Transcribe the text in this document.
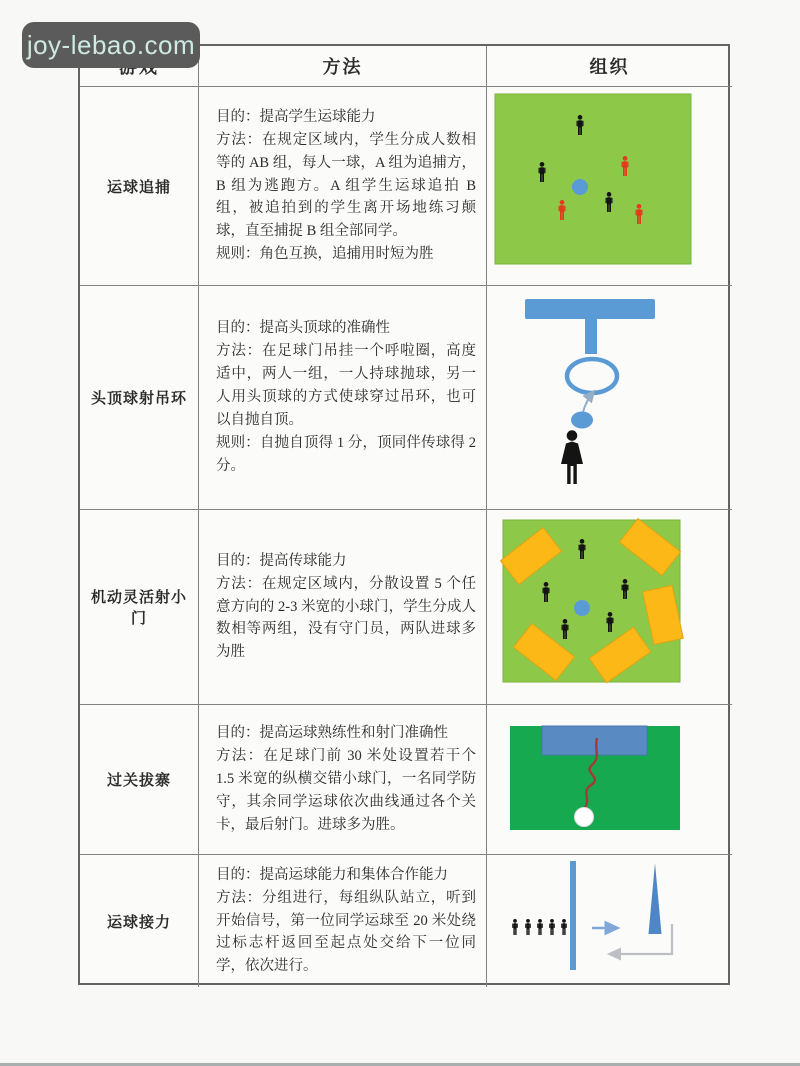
joy-lebao.com
方法	组织
运球追捕

目的：提高学生运球能力

方法：在规定区域内，学生分成人数相等的 AB 组，每人一球，A 组为追捕方，B 组为逃跑方。A 组学生运球追拍 B 组，被追拍到的学生离开场地练习颠球，直至捕捉 B 组全部同学。

规则：角色互换，追捕用时短为胜

头顶球射吊环

目的：提高头顶球的准确性

方法：在足球门吊挂一个呼啦圈，高度适中，两人一组，一人持球抛球，另一人用头顶球的方式使球穿过吊环，也可以自抛自顶。

规则：自抛自顶得 1 分，顶同伴传球得 2 分。

机动灵活射小门

目的：提高传球能力

方法：在规定区域内，分散设置 5 个任意方向的 2-3 米宽的小球门，学生分成人数相等两组，没有守门员，两队进球多为胜

过关拔寨

目的：提高运球熟练性和射门准确性

方法：在足球门前 30 米处设置若干个 1.5 米宽的纵横交错小球门，一名同学防守，其余同学运球依次曲线通过各个关卡，最后射门。进球多为胜。

运球接力

目的：提高运球能力和集体合作能力

方法：分组进行，每组纵队站立，听到开始信号，第一位同学运球至 20 米处绕过标志杆返回至起点处交给下一位同学，依次进行。
